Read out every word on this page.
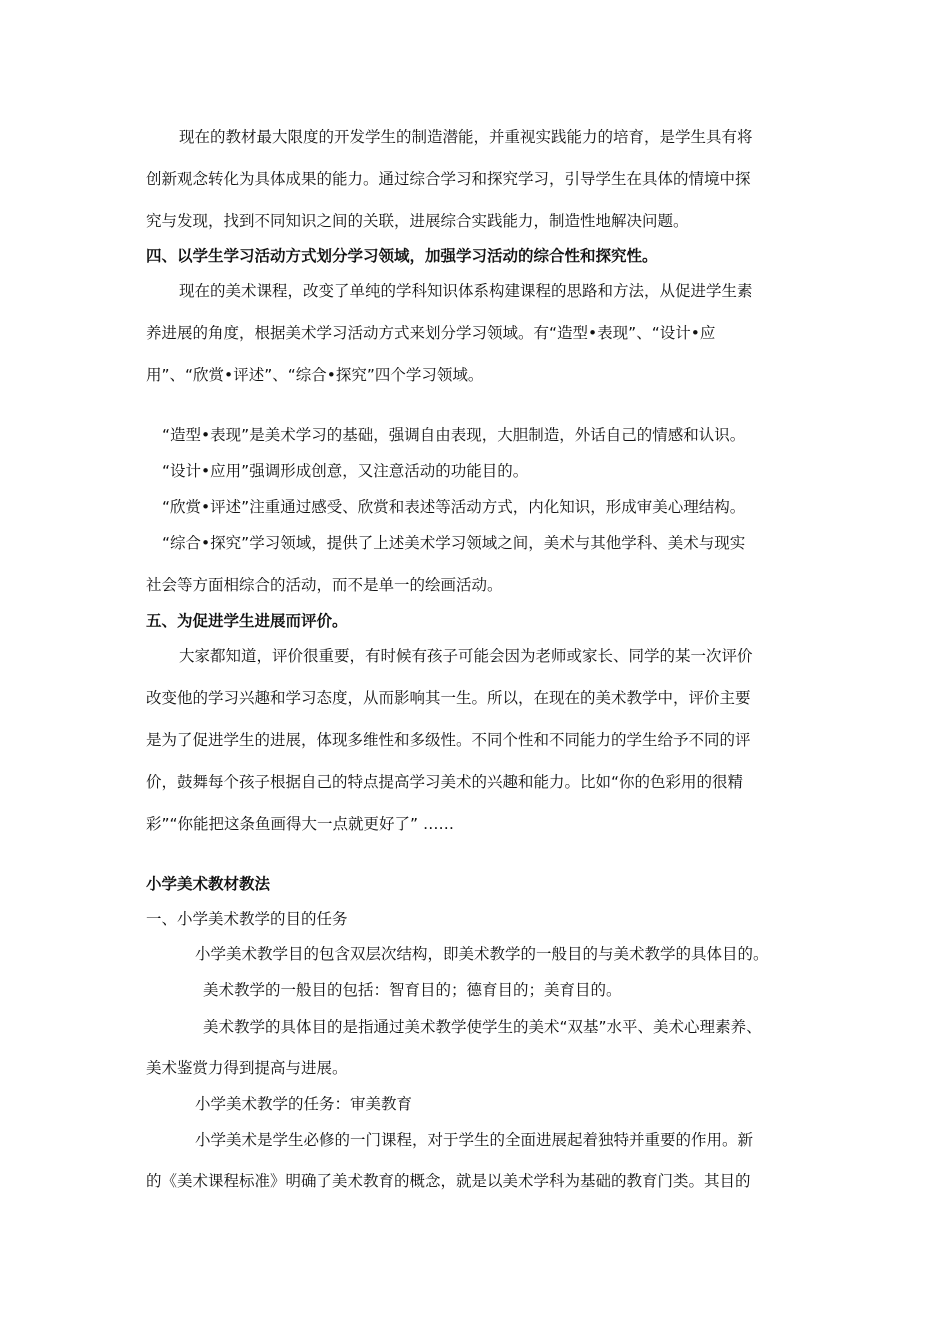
现在的教材最大限度的开发学生的制造潜能，并重视实践能力的培育，是学生具有将

创新观念转化为具体成果的能力。通过综合学习和探究学习，引导学生在具体的情境中探

究与发现，找到不同知识之间的关联，进展综合实践能力，制造性地解决问题。

四、以学生学习活动方式划分学习领域，加强学习活动的综合性和探究性。

现在的美术课程，改变了单纯的学科知识体系构建课程的思路和方法，从促进学生素

养进展的角度，根据美术学习活动方式来划分学习领域。有“造型•表现”、“设计•应

用”、“欣赏•评述”、“综合•探究”四个学习领域。

“造型•表现”是美术学习的基础，强调自由表现，大胆制造，外话自己的情感和认识。

“设计•应用”强调形成创意，又注意活动的功能目的。

“欣赏•评述”注重通过感受、欣赏和表述等活动方式，内化知识，形成审美心理结构。

“综合•探究”学习领域，提供了上述美术学习领域之间，美术与其他学科、美术与现实

社会等方面相综合的活动，而不是单一的绘画活动。

五、为促进学生进展而评价。

大家都知道，评价很重要，有时候有孩子可能会因为老师或家长、同学的某一次评价

改变他的学习兴趣和学习态度，从而影响其一生。所以，在现在的美术教学中，评价主要

是为了促进学生的进展，体现多维性和多级性。不同个性和不同能力的学生给予不同的评

价，鼓舞每个孩子根据自己的特点提高学习美术的兴趣和能力。比如“你的色彩用的很精

彩”“你能把这条鱼画得大一点就更好了” ……

小学美术教材教法
一、小学美术教学的目的任务

小学美术教学目的包含双层次结构，即美术教学的一般目的与美术教学的具体目的。

美术教学的一般目的包括：智育目的；德育目的；美育目的。

美术教学的具体目的是指通过美术教学使学生的美术“双基”水平、美术心理素养、

美术鉴赏力得到提高与进展。

小学美术教学的任务：审美教育

小学美术是学生必修的一门课程，对于学生的全面进展起着独特并重要的作用。新

的《美术课程标准》明确了美术教育的概念，就是以美术学科为基础的教育门类。其目的
